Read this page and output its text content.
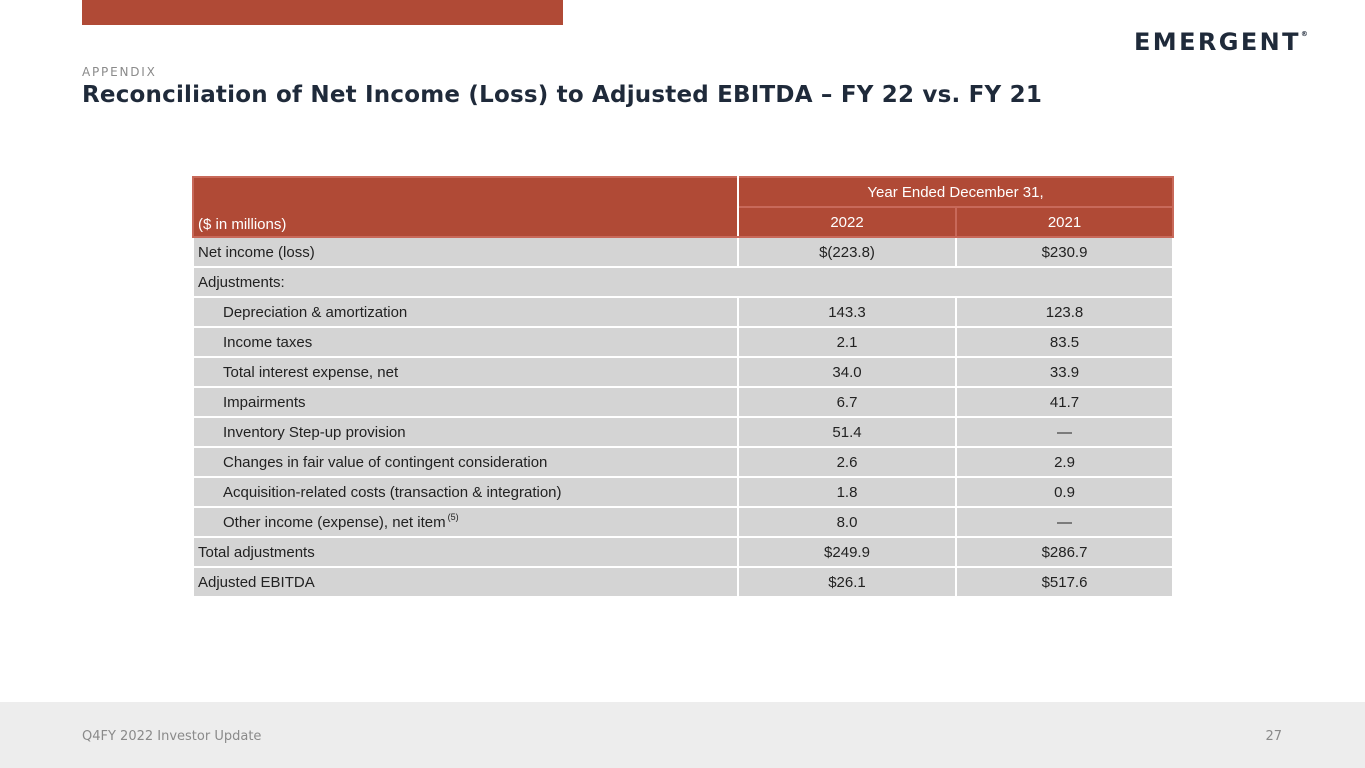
EMERGENT®
APPENDIX
Reconciliation of Net Income (Loss) to Adjusted EBITDA – FY 22 vs. FY 21
($ in millions)	Year Ended December 31,	
	2022	2021
Net income (loss)	$(223.8)	$230.9
Adjustments:		
Depreciation & amortization	143.3	123.8
Income taxes	2.1	83.5
Total interest expense, net	34.0	33.9
Impairments	6.7	41.7
Inventory Step-up provision	51.4	—
Changes in fair value of contingent consideration	2.6	2.9
Acquisition-related costs (transaction & integration)	1.8	0.9
Other income (expense), net item $^{(5)}$	8.0	—
Total adjustments	$249.9	$286.7
Adjusted EBITDA	$26.1	$517.6
Q4FY 2022 Investor Update	27
